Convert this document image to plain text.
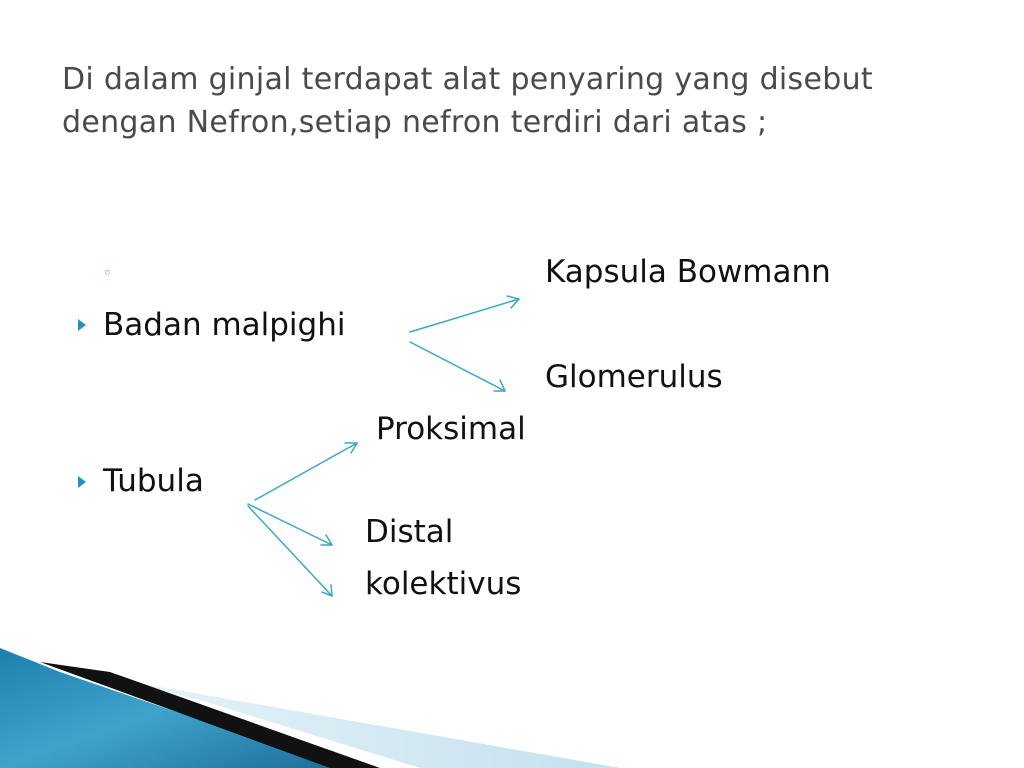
Di dalam ginjal terdapat alat penyaring yang disebut dengan Nefron,setiap nefron terdiri dari atas ;
◦
Badan malpighi
Kapsula Bowmann
Glomerulus
Proksimal
Tubula
Distal
kolektivus
